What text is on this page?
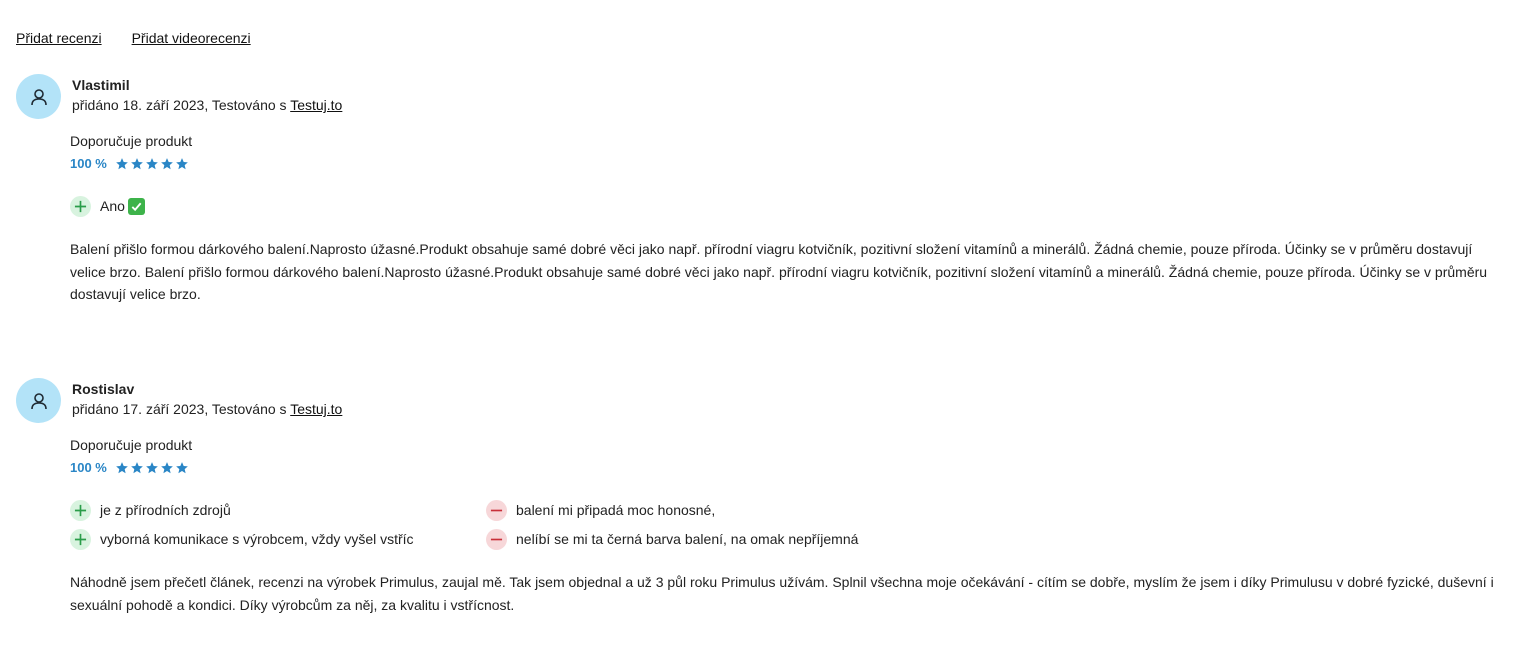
Přidat recenzi Přidat videorecenzi
Vlastimil
přidáno 18. září 2023, Testováno s Testuj.to
Doporučuje produkt
100 %
Ano
Balení přišlo formou dárkového balení.Naprosto úžasné.Produkt obsahuje samé dobré věci jako např. přírodní viagru kotvičník, pozitivní složení vitamínů a minerálů. Žádná chemie, pouze příroda. Účinky se v průměru dostavují velice brzo. Balení přišlo formou dárkového balení.Naprosto úžasné.Produkt obsahuje samé dobré věci jako např. přírodní viagru kotvičník, pozitivní složení vitamínů a minerálů. Žádná chemie, pouze příroda. Účinky se v průměru dostavují velice brzo.
Rostislav
přidáno 17. září 2023, Testováno s Testuj.to
Doporučuje produkt
100 %
je z přírodních zdrojů
vyborná komunikace s výrobcem, vždy vyšel vstříc
balení mi připadá moc honosné,
nelíbí se mi ta černá barva balení, na omak nepříjemná
Náhodně jsem přečetl článek, recenzi na výrobek Primulus, zaujal mě. Tak jsem objednal a už 3 půl roku Primulus užívám. Splnil všechna moje očekávání - cítím se dobře, myslím že jsem i díky Primulusu v dobré fyzické, duševní i sexuální pohodě a kondici. Díky výrobcům za něj, za kvalitu i vstřícnost.
